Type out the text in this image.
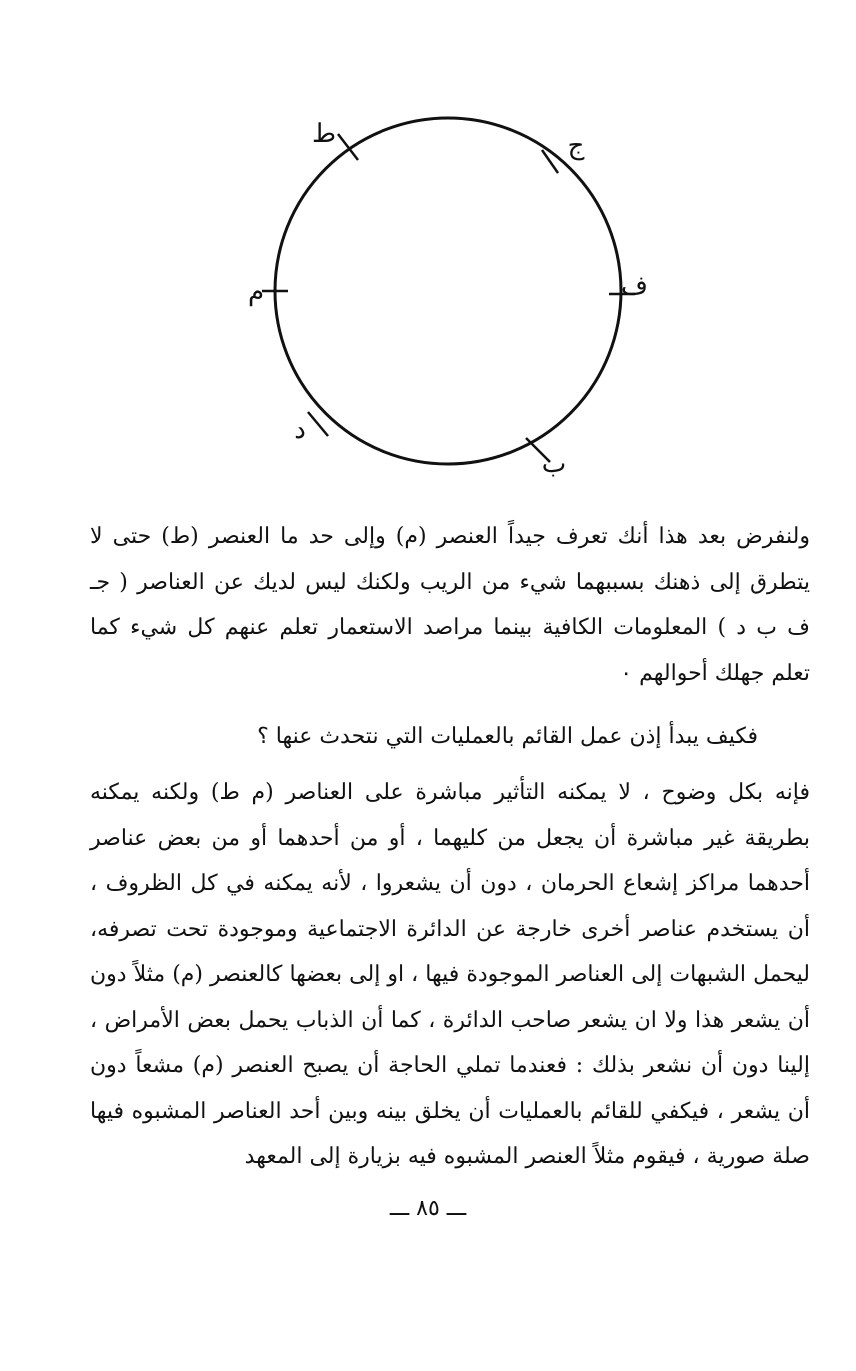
ط	ج
م	ف
د
ب

ولنفرض بعد هذا أنك تعرف جيداً العنصر (م) وإلى حد ما العنصر (ط) حتى لا يتطرق إلى ذهنك بسببهما شيء من الريب ولكنك ليس لديك عن العناصر ( جـ ف ب د ) المعلومات الكافية بينما مراصد الاستعمار تعلم عنهم كل شيء كما تعلم جهلك أحوالهم ٠

فكيف يبدأ إذن عمل القائم بالعمليات التي نتحدث عنها ؟

فإنه بكل وضوح ، لا يمكنه التأثير مباشرة على العناصر (م ط) ولكنه يمكنه بطريقة غير مباشرة أن يجعل من كليهما ، أو من أحدهما أو من بعض عناصر أحدهما مراكز إشعاع الحرمان ، دون أن يشعروا ، لأنه يمكنه في كل الظروف ، أن يستخدم عناصر أخرى خارجة عن الدائرة الاجتماعية وموجودة تحت تصرفه، ليحمل الشبهات إلى العناصر الموجودة فيها ، او إلى بعضها كالعنصر (م) مثلاً دون أن يشعر هذا ولا ان يشعر صاحب الدائرة ، كما أن الذباب يحمل بعض الأمراض ، إلينا دون أن نشعر بذلك : فعندما تملي الحاجة أن يصبح العنصر (م) مشعاً دون أن يشعر ، فيكفي للقائم بالعمليات أن يخلق بينه وبين أحد العناصر المشبوه فيها صلة صورية ، فيقوم مثلاً العنصر المشبوه فيه بزيارة إلى المعهد

ـــ ٨٥ ـــ
